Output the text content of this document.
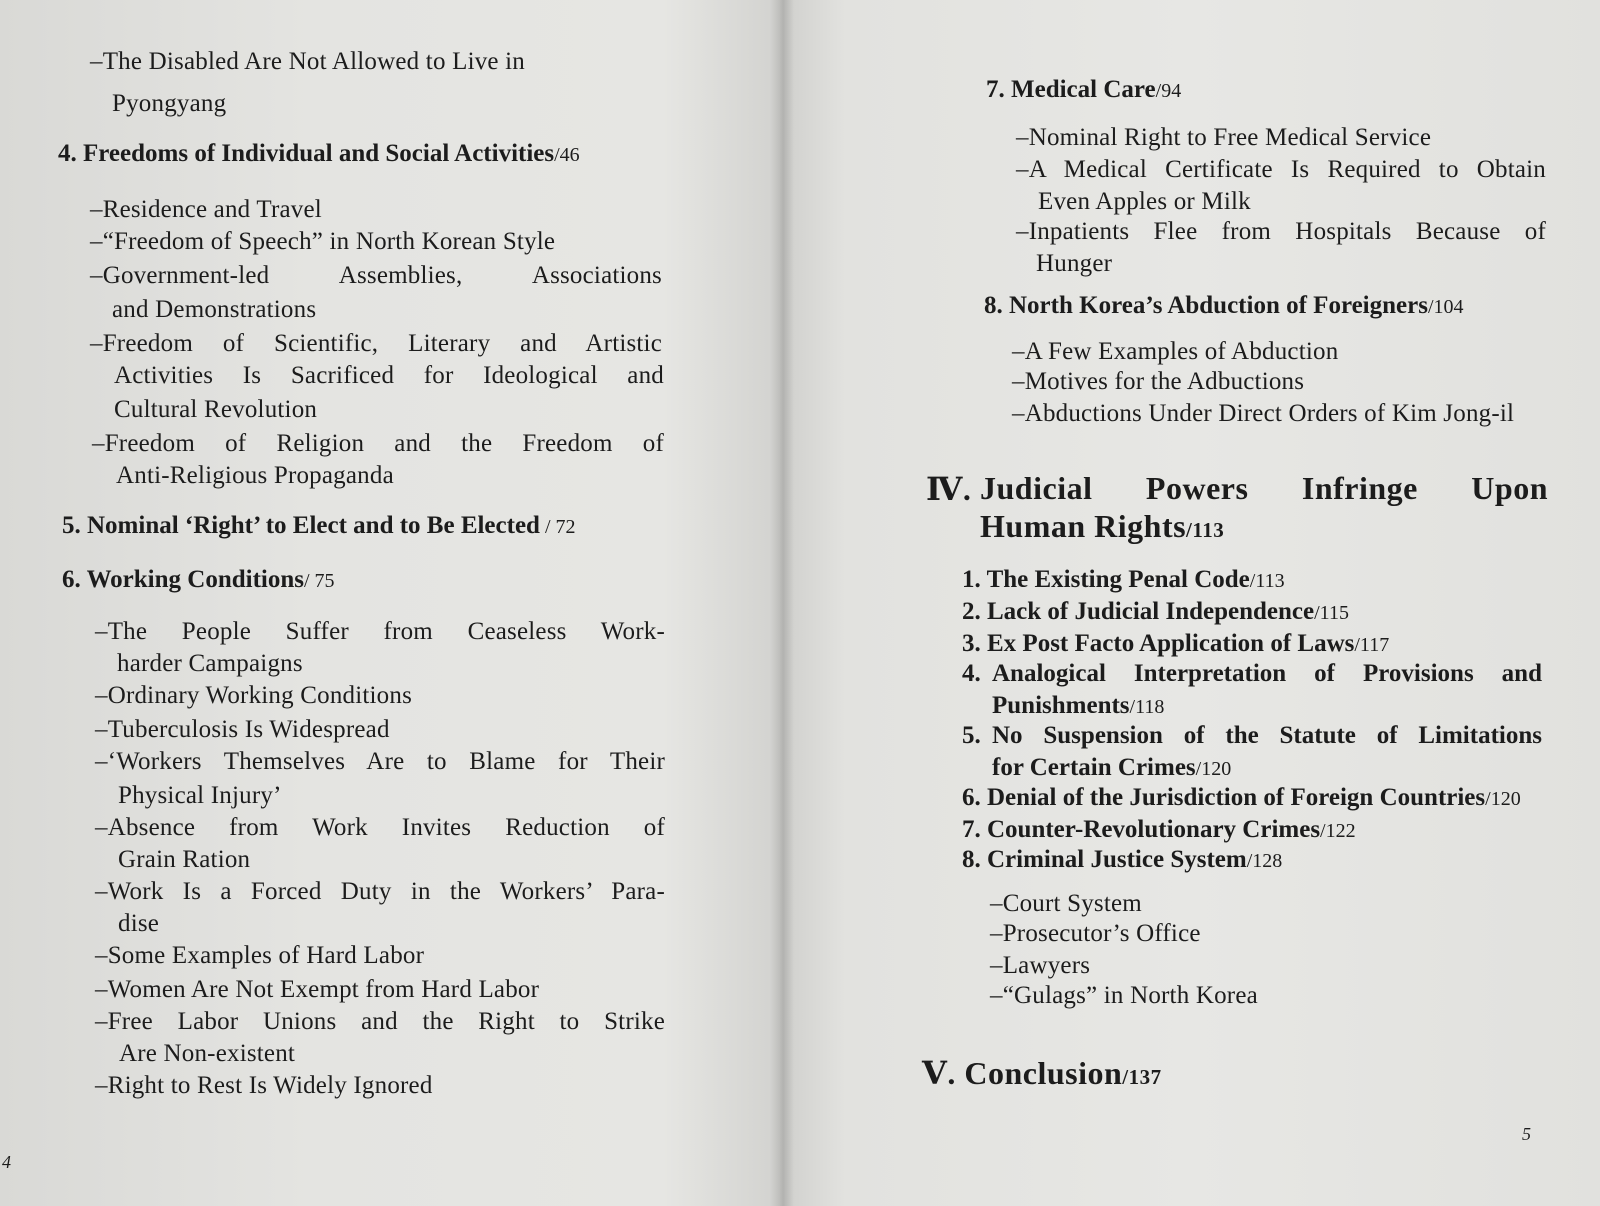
–The Disabled Are Not Allowed to Live in
Pyongyang
4. Freedoms of Individual and Social Activities/46
–Residence and Travel
–“Freedom of Speech” in North Korean Style
–Government-led Assemblies, Associations
and Demonstrations
–Freedom of Scientific, Literary and Artistic
Activities Is Sacrificed for Ideological and
Cultural Revolution
–Freedom of Religion and the Freedom of
Anti-Religious Propaganda
5. Nominal ‘Right’ to Elect and to Be Elected / 72
6. Working Conditions/ 75
–The People Suffer from Ceaseless Work-
harder Campaigns
–Ordinary Working Conditions
–Tuberculosis Is Widespread
–‘Workers Themselves Are to Blame for Their
Physical Injury’
–Absence from Work Invites Reduction of
Grain Ration
–Work Is a Forced Duty in the Workers’ Para-
dise
–Some Examples of Hard Labor
–Women Are Not Exempt from Hard Labor
–Free Labor Unions and the Right to Strike
Are Non-existent
–Right to Rest Is Widely Ignored
4
7. Medical Care/94
–Nominal Right to Free Medical Service
–A Medical Certificate Is Required to Obtain
Even Apples or Milk
–Inpatients Flee from Hospitals Because of
Hunger
8. North Korea’s Abduction of Foreigners/104
–A Few Examples of Abduction
–Motives for the Adbuctions
–Abductions Under Direct Orders of Kim Jong-il
Ⅳ. Judicial Powers Infringe Upon
Human Rights/113
1. The Existing Penal Code/113
2. Lack of Judicial Independence/115
3. Ex Post Facto Application of Laws/117
4. Analogical Interpretation of Provisions and
Punishments/118
5. No Suspension of the Statute of Limitations
for Certain Crimes/120
6. Denial of the Jurisdiction of Foreign Countries/120
7. Counter-Revolutionary Crimes/122
8. Criminal Justice System/128
–Court System
–Prosecutor’s Office
–Lawyers
–“Gulags” in North Korea
Ⅴ. Conclusion/137
5
